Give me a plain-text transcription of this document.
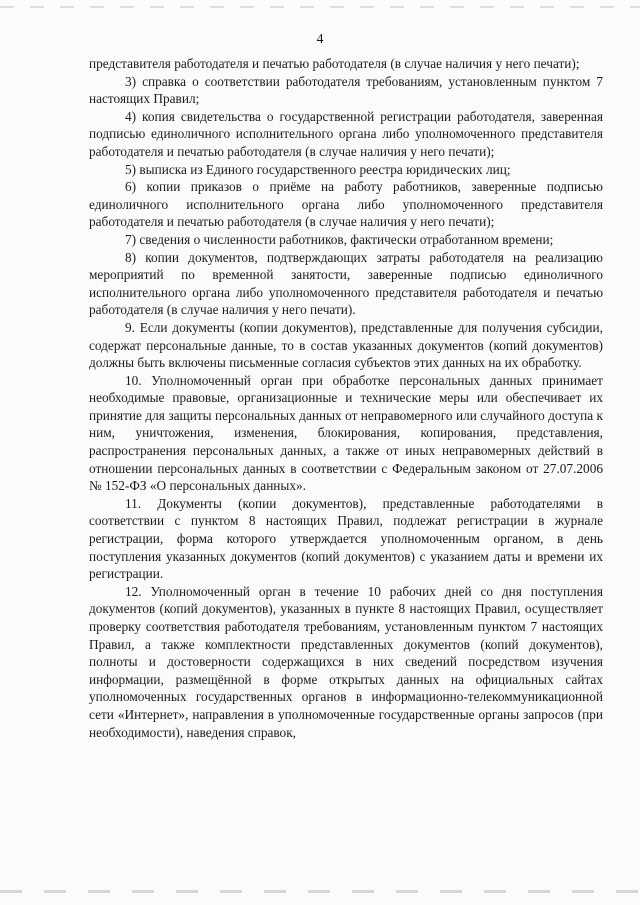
4

представителя работодателя и печатью работодателя (в случае наличия у него печати);

3) справка о соответствии работодателя требованиям, установленным пунктом 7 настоящих Правил;

4) копия свидетельства о государственной регистрации работодателя, заверенная подписью единоличного исполнительного органа либо уполномоченного представителя работодателя и печатью работодателя (в случае наличия у него печати);

5) выписка из Единого государственного реестра юридических лиц;

6) копии приказов о приёме на работу работников, заверенные подписью единоличного исполнительного органа либо уполномоченного представителя работодателя и печатью работодателя (в случае наличия у него печати);

7) сведения о численности работников, фактически отработанном времени;

8) копии документов, подтверждающих затраты работодателя на реализацию мероприятий по временной занятости, заверенные подписью единоличного исполнительного органа либо уполномоченного представителя работодателя и печатью работодателя (в случае наличия у него печати).

9. Если документы (копии документов), представленные для получения субсидии, содержат персональные данные, то в состав указанных документов (копий документов) должны быть включены письменные согласия субъектов этих данных на их обработку.

10. Уполномоченный орган при обработке персональных данных принимает необходимые правовые, организационные и технические меры или обеспечивает их принятие для защиты персональных данных от неправомерного или случайного доступа к ним, уничтожения, изменения, блокирования, копирования, представления, распространения персональных данных, а также от иных неправомерных действий в отношении персональных данных в соответствии с Федеральным законом от 27.07.2006 № 152-ФЗ «О персональных данных».

11. Документы (копии документов), представленные работодателями в соответствии с пунктом 8 настоящих Правил, подлежат регистрации в журнале регистрации, форма которого утверждается уполномоченным органом, в день поступления указанных документов (копий документов) с указанием даты и времени их регистрации.

12. Уполномоченный орган в течение 10 рабочих дней со дня поступления документов (копий документов), указанных в пункте 8 настоящих Правил, осуществляет проверку соответствия работодателя требованиям, установленным пунктом 7 настоящих Правил, а также комплектности представленных документов (копий документов), полноты и достоверности содержащихся в них сведений посредством изучения информации, размещённой в форме открытых данных на официальных сайтах уполномоченных государственных органов в информационно-телекоммуникационной сети «Интернет», направления в уполномоченные государственные органы запросов (при необходимости), наведения справок,
